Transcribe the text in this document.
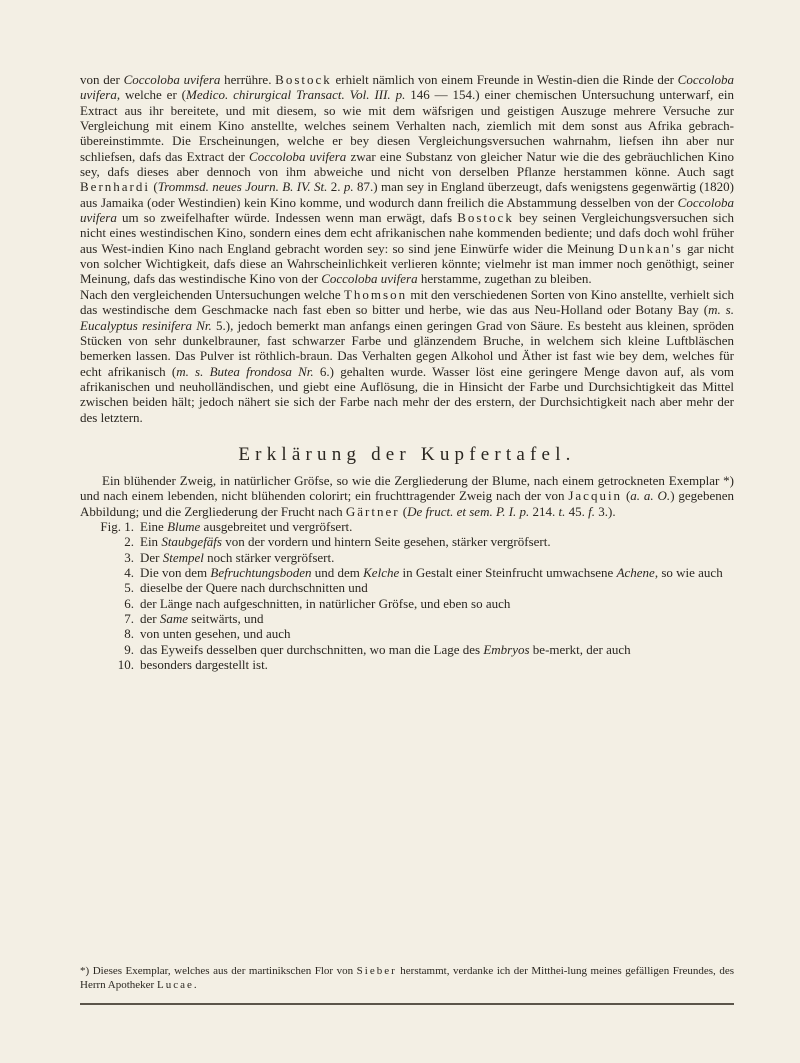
von der Coccoloba uvifera herrühre. Bostock erhielt nämlich von einem Freunde in Westin-dien die Rinde der Coccoloba uvifera, welche er (Medico. chirurgical Transact. Vol. III. p. 146 — 154.) einer chemischen Untersuchung unterwarf, ein Extract aus ihr bereitete, und mit diesem, so wie mit dem wäfsrigen und geistigen Auszuge mehrere Versuche zur Vergleichung mit einem Kino anstellte, welches seinem Verhalten nach, ziemlich mit dem sonst aus Afrika gebrach-übereinstimmte. Die Erscheinungen, welche er bey diesen Vergleichungsversuchen wahrnahm, liefsen ihn aber nur schliefsen, dafs das Extract der Coccoloba uvifera zwar eine Substanz von gleicher Natur wie die des gebräuchlichen Kino sey, dafs dieses aber dennoch von ihm abweiche und nicht von derselben Pflanze herstammen könne. Auch sagt Bernhardi (Trommsd. neues Journ. B. IV. St. 2. p. 87.) man sey in England überzeugt, dafs wenigstens gegenwärtig (1820) aus Jamaika (oder Westindien) kein Kino komme, und wodurch dann freilich die Abstammung desselben von der Coccoloba uvifera um so zweifelhafter würde. Indessen wenn man erwägt, dafs Bostock bey seinen Vergleichungsversuchen sich nicht eines westindischen Kino, sondern eines dem echt afrikanischen nahe kommenden bediente; und dafs doch wohl früher aus West-indien Kino nach England gebracht worden sey: so sind jene Einwürfe wider die Meinung Dunkan's gar nicht von solcher Wichtigkeit, dafs diese an Wahrscheinlichkeit verlieren könnte; vielmehr ist man immer noch genöthigt, seiner Meinung, dafs das westindische Kino von der Coccoloba uvifera herstamme, zugethan zu bleiben.

Nach den vergleichenden Untersuchungen welche Thomson mit den verschiedenen Sorten von Kino anstellte, verhielt sich das westindische dem Geschmacke nach fast eben so bitter und herbe, wie das aus Neu-Holland oder Botany Bay (m. s. Eucalyptus resinifera Nr. 5.), jedoch bemerkt man anfangs einen geringen Grad von Säure. Es besteht aus kleinen, spröden Stücken von sehr dunkelbrauner, fast schwarzer Farbe und glänzendem Bruche, in welchem sich kleine Luftbläschen bemerken lassen. Das Pulver ist röthlich-braun. Das Verhalten gegen Alkohol und Äther ist fast wie bey dem, welches für echt afrikanisch (m. s. Butea frondosa Nr. 6.) gehalten wurde. Wasser löst eine geringere Menge davon auf, als vom afrikanischen und neuholländischen, und giebt eine Auflösung, die in Hinsicht der Farbe und Durchsichtigkeit das Mittel zwischen beiden hält; jedoch nähert sie sich der Farbe nach mehr der des erstern, der Durchsichtigkeit nach aber mehr der des letztern.

Erklärung der Kupfertafel.

Ein blühender Zweig, in natürlicher Gröfse, so wie die Zergliederung der Blume, nach einem getrockneten Exemplar *) und nach einem lebenden, nicht blühenden colorirt; ein fruchttragender Zweig nach der von Jacquin (a. a. O.) gegebenen Abbildung; und die Zergliederung der Frucht nach Gärtner (De fruct. et sem. P. I. p. 214. t. 45. f. 3.).

Fig. 1. Eine Blume ausgebreitet und vergröfsert.
2. Ein Staubgefäfs von der vordern und hintern Seite gesehen, stärker vergröfsert.
3. Der Stempel noch stärker vergröfsert.
4. Die von dem Befruchtungsboden und dem Kelche in Gestalt einer Steinfrucht umwachsene Achene, so wie auch
5. dieselbe der Quere nach durchschnitten und
6. der Länge nach aufgeschnitten, in natürlicher Gröfse, und eben so auch
7. der Same seitwärts, und
8. von unten gesehen, und auch
9. das Eyweifs desselben quer durchschnitten, wo man die Lage des Embryos be-merkt, der auch
10. besonders dargestellt ist.
*) Dieses Exemplar, welches aus der martinikschen Flor von Sieber herstammt, verdanke ich der Mitthei-lung meines gefälligen Freundes, des Herrn Apotheker Lucae.
